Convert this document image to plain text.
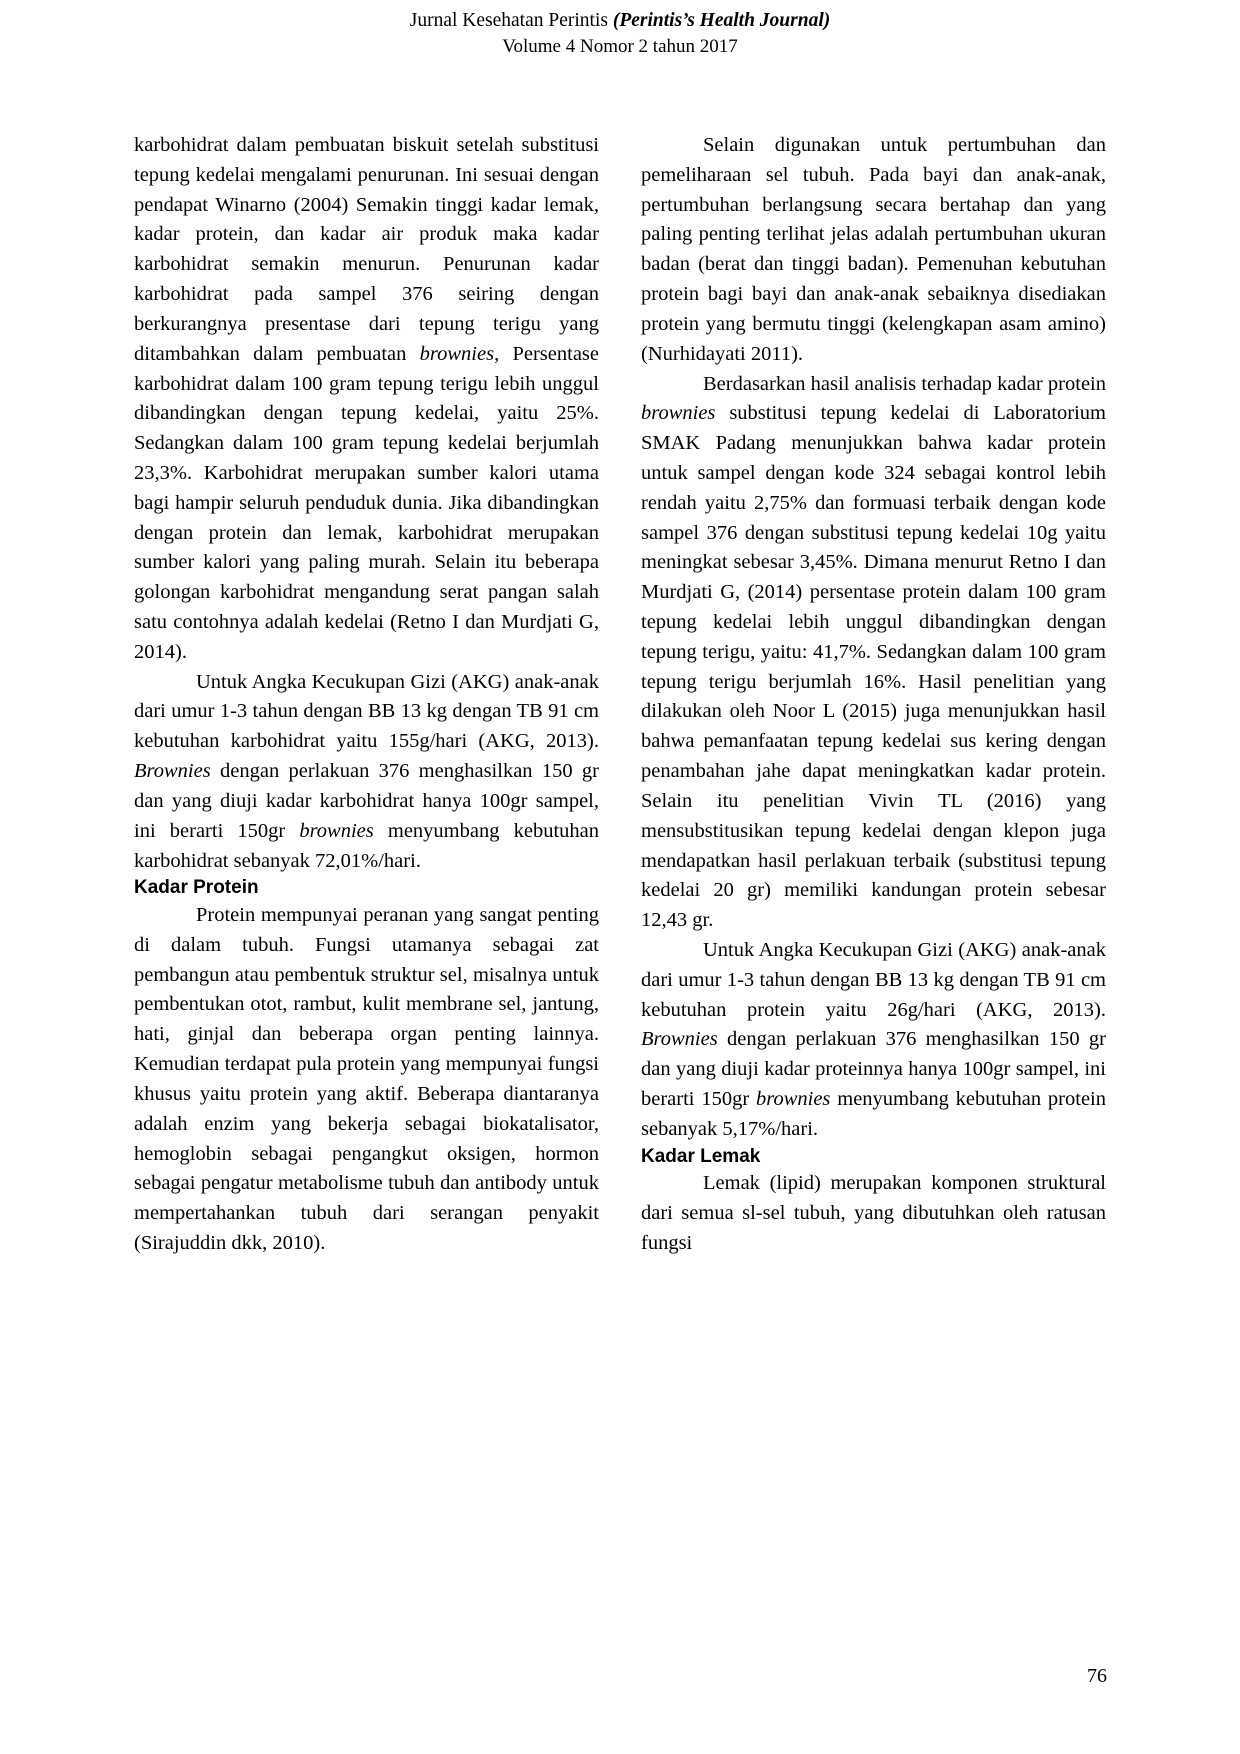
Jurnal Kesehatan Perintis (Perintis’s Health Journal)
Volume 4 Nomor 2 tahun 2017

karbohidrat dalam pembuatan biskuit setelah substitusi tepung kedelai mengalami penurunan. Ini sesuai dengan pendapat Winarno (2004) Semakin tinggi kadar lemak, kadar protein, dan kadar air produk maka kadar karbohidrat semakin menurun. Penurunan kadar karbohidrat pada sampel 376 seiring dengan berkurangnya presentase dari tepung terigu yang ditambahkan dalam pembuatan brownies, Persentase karbohidrat dalam 100 gram tepung terigu lebih unggul dibandingkan dengan tepung kedelai, yaitu 25%. Sedangkan dalam 100 gram tepung kedelai berjumlah 23,3%. Karbohidrat merupakan sumber kalori utama bagi hampir seluruh penduduk dunia. Jika dibandingkan dengan protein dan lemak, karbohidrat merupakan sumber kalori yang paling murah. Selain itu beberapa golongan karbohidrat mengandung serat pangan salah satu contohnya adalah kedelai (Retno I dan Murdjati G, 2014).

Untuk Angka Kecukupan Gizi (AKG) anak-anak dari umur 1-3 tahun dengan BB 13 kg dengan TB 91 cm kebutuhan karbohidrat yaitu 155g/hari (AKG, 2013). Brownies dengan perlakuan 376 menghasilkan 150 gr dan yang diuji kadar karbohidrat hanya 100gr sampel, ini berarti 150gr brownies menyumbang kebutuhan karbohidrat sebanyak 72,01%/hari.

Kadar Protein

Protein mempunyai peranan yang sangat penting di dalam tubuh. Fungsi utamanya sebagai zat pembangun atau pembentuk struktur sel, misalnya untuk pembentukan otot, rambut, kulit membrane sel, jantung, hati, ginjal dan beberapa organ penting lainnya. Kemudian terdapat pula protein yang mempunyai fungsi khusus yaitu protein yang aktif. Beberapa diantaranya adalah enzim yang bekerja sebagai biokatalisator, hemoglobin sebagai pengangkut oksigen, hormon sebagai pengatur metabolisme tubuh dan antibody untuk mempertahankan tubuh dari serangan penyakit (Sirajuddin dkk, 2010).

Selain digunakan untuk pertumbuhan dan pemeliharaan sel tubuh. Pada bayi dan anak-anak, pertumbuhan berlangsung secara bertahap dan yang paling penting terlihat jelas adalah pertumbuhan ukuran badan (berat dan tinggi badan). Pemenuhan kebutuhan protein bagi bayi dan anak-anak sebaiknya disediakan protein yang bermutu tinggi (kelengkapan asam amino) (Nurhidayati 2011).

Berdasarkan hasil analisis terhadap kadar protein brownies substitusi tepung kedelai di Laboratorium SMAK Padang menunjukkan bahwa kadar protein untuk sampel dengan kode 324 sebagai kontrol lebih rendah yaitu 2,75% dan formuasi terbaik dengan kode sampel 376 dengan substitusi tepung kedelai 10g yaitu meningkat sebesar 3,45%. Dimana menurut Retno I dan Murdjati G, (2014) persentase protein dalam 100 gram tepung kedelai lebih unggul dibandingkan dengan tepung terigu, yaitu: 41,7%. Sedangkan dalam 100 gram tepung terigu berjumlah 16%. Hasil penelitian yang dilakukan oleh Noor L (2015) juga menunjukkan hasil bahwa pemanfaatan tepung kedelai sus kering dengan penambahan jahe dapat meningkatkan kadar protein. Selain itu penelitian Vivin TL (2016) yang mensubstitusikan tepung kedelai dengan klepon juga mendapatkan hasil perlakuan terbaik (substitusi tepung kedelai 20 gr) memiliki kandungan protein sebesar 12,43 gr.

Untuk Angka Kecukupan Gizi (AKG) anak-anak dari umur 1-3 tahun dengan BB 13 kg dengan TB 91 cm kebutuhan protein yaitu 26g/hari (AKG, 2013). Brownies dengan perlakuan 376 menghasilkan 150 gr dan yang diuji kadar proteinnya hanya 100gr sampel, ini berarti 150gr brownies menyumbang kebutuhan protein sebanyak 5,17%/hari.

Kadar Lemak

Lemak (lipid) merupakan komponen struktural dari semua sl-sel tubuh, yang dibutuhkan oleh ratusan fungsi

76
